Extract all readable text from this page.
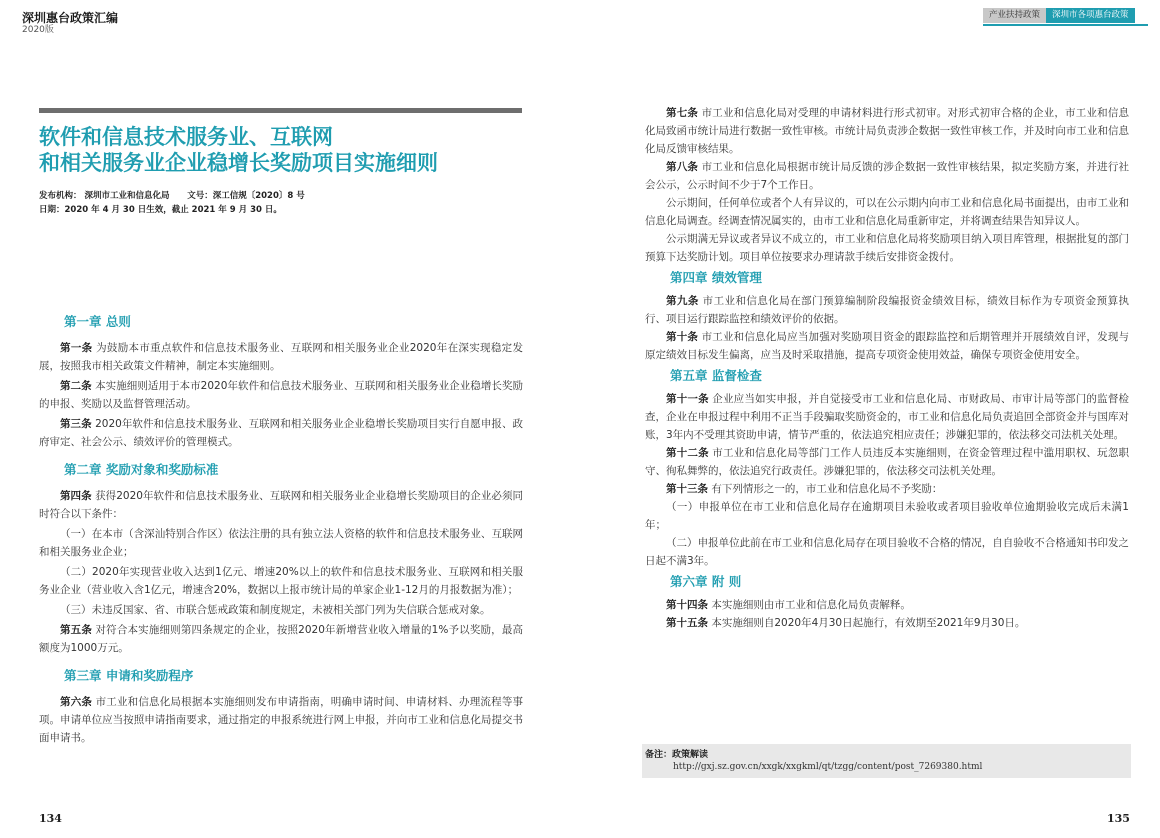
深圳惠台政策汇编
2020版
产业扶持政策	深圳市各项惠台政策
软件和信息技术服务业、互联网
和相关服务业企业稳增长奖励项目实施细则
发布机构： 深圳市工业和信息化局      文号：深工信规〔2020〕8 号
日期：2020 年 4 月 30 日生效，截止 2021 年 9 月 30 日。
第一章 总则

第一条 为鼓励本市重点软件和信息技术服务业、互联网和相关服务业企业2020年在深实现稳定发展，按照我市相关政策文件精神，制定本实施细则。

第二条 本实施细则适用于本市2020年软件和信息技术服务业、互联网和相关服务业企业稳增长奖励的申报、奖励以及监督管理活动。

第三条 2020年软件和信息技术服务业、互联网和相关服务业企业稳增长奖励项目实行自愿申报、政府审定、社会公示、绩效评价的管理模式。

第二章 奖励对象和奖励标准

第四条 获得2020年软件和信息技术服务业、互联网和相关服务业企业稳增长奖励项目的企业必须同时符合以下条件：

（一）在本市（含深汕特别合作区）依法注册的具有独立法人资格的软件和信息技术服务业、互联网和相关服务业企业；

（二）2020年实现营业收入达到1亿元、增速20%以上的软件和信息技术服务业、互联网和相关服务业企业（营业收入含1亿元，增速含20%，数据以上报市统计局的单家企业1-12月的月报数据为准）；

（三）未违反国家、省、市联合惩戒政策和制度规定，未被相关部门列为失信联合惩戒对象。

第五条 对符合本实施细则第四条规定的企业，按照2020年新增营业收入增量的1%予以奖励，最高额度为1000万元。

第三章 申请和奖励程序

第六条 市工业和信息化局根据本实施细则发布申请指南，明确申请时间、申请材料、办理流程等事项。申请单位应当按照申请指南要求，通过指定的申报系统进行网上申报，并向市工业和信息化局提交书面申请书。

第七条 市工业和信息化局对受理的申请材料进行形式初审。对形式初审合格的企业，市工业和信息化局致函市统计局进行数据一致性审核。市统计局负责涉企数据一致性审核工作，并及时向市工业和信息化局反馈审核结果。

第八条 市工业和信息化局根据市统计局反馈的涉企数据一致性审核结果，拟定奖励方案，并进行社会公示，公示时间不少于7个工作日。

公示期间，任何单位或者个人有异议的，可以在公示期内向市工业和信息化局书面提出，由市工业和信息化局调查。经调查情况属实的，由市工业和信息化局重新审定，并将调查结果告知异议人。

公示期满无异议或者异议不成立的，市工业和信息化局将奖励项目纳入项目库管理，根据批复的部门预算下达奖励计划。项目单位按要求办理请款手续后安排资金拨付。

第四章 绩效管理

第九条 市工业和信息化局在部门预算编制阶段编报资金绩效目标，绩效目标作为专项资金预算执行、项目运行跟踪监控和绩效评价的依据。

第十条 市工业和信息化局应当加强对奖励项目资金的跟踪监控和后期管理并开展绩效自评，发现与原定绩效目标发生偏离，应当及时采取措施，提高专项资金使用效益，确保专项资金使用安全。

第五章 监督检查

第十一条 企业应当如实申报，并自觉接受市工业和信息化局、市财政局、市审计局等部门的监督检查，企业在申报过程中利用不正当手段骗取奖励资金的，市工业和信息化局负责追回全部资金并与国库对账，3年内不受理其资助申请，情节严重的，依法追究相应责任；涉嫌犯罪的，依法移交司法机关处理。

第十二条 市工业和信息化局等部门工作人员违反本实施细则，在资金管理过程中滥用职权、玩忽职守、徇私舞弊的，依法追究行政责任。涉嫌犯罪的，依法移交司法机关处理。

第十三条 有下列情形之一的，市工业和信息化局不予奖励：

（一）申报单位在市工业和信息化局存在逾期项目未验收或者项目验收单位逾期验收完成后未满1年；

（二）申报单位此前在市工业和信息化局存在项目验收不合格的情况，自自验收不合格通知书印发之日起不满3年。

第六章 附 则

第十四条 本实施细则由市工业和信息化局负责解释。

第十五条 本实施细则自2020年4月30日起施行，有效期至2021年9月30日。

备注：政策解读
http://gxj.sz.gov.cn/xxgk/xxgkml/qt/tzgg/content/post_7269380.html
134	135
